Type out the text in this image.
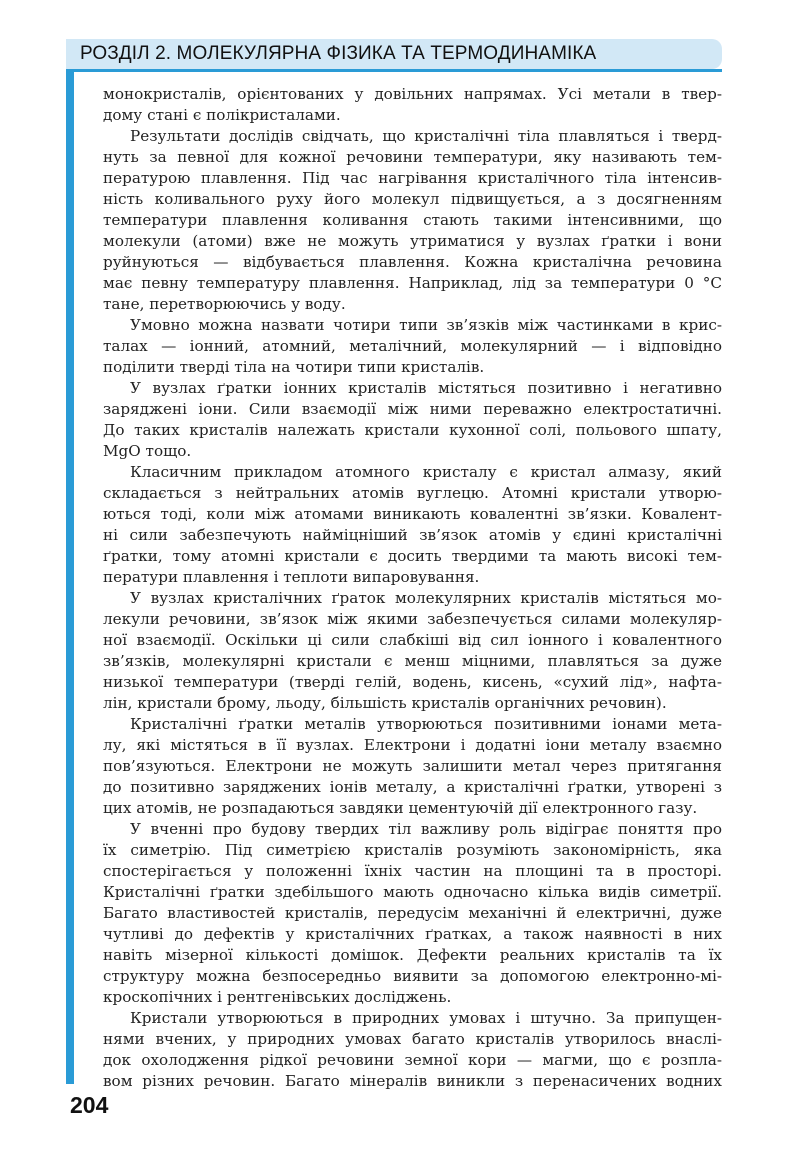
РОЗДІЛ 2. МОЛЕКУЛЯРНА ФІЗИКА ТА ТЕРМОДИНАМІКА
монокристалів, орієнтованих у довільних напрямах. Усі метали в твер-
дому стані є полікристалами.
Результати дослідів свідчать, що кристалічні тіла плавляться і тверд-
нуть за певної для кожної речовини температури, яку називають тем-
пературою плавлення. Під час нагрівання кристалічного тіла інтенсив-
ність коливального руху його молекул підвищується, а з досягненням
температури плавлення коливання стають такими інтенсивними, що
молекули (атоми) вже не можуть утриматися у вузлах ґратки і вони
руйнуються — відбувається плавлення. Кожна кристалічна речовина
має певну температуру плавлення. Наприклад, лід за температури 0 °C
тане, перетворюючись у воду.
Умовно можна назвати чотири типи зв’язків між частинками в крис-
талах — іонний, атомний, металічний, молекулярний — і відповідно
поділити тверді тіла на чотири типи кристалів.
У вузлах ґратки іонних кристалів містяться позитивно і негативно
заряджені іони. Сили взаємодії між ними переважно електростатичні.
До таких кристалів належать кристали кухонної солі, польового шпату,
MgO тощо.
Класичним прикладом атомного кристалу є кристал алмазу, який
складається з нейтральних атомів вуглецю. Атомні кристали утворю-
ються тоді, коли між атомами виникають ковалентні зв’язки. Ковалент-
ні сили забезпечують найміцніший зв’язок атомів у єдині кристалічні
ґратки, тому атомні кристали є досить твердими та мають високі тем-
ператури плавлення і теплоти випаровування.
У вузлах кристалічних ґраток молекулярних кристалів містяться мо-
лекули речовини, зв’язок між якими забезпечується силами молекуляр-
ної взаємодії. Оскільки ці сили слабкіші від сил іонного і ковалентного
зв’язків, молекулярні кристали є менш міцними, плавляться за дуже
низької температури (тверді гелій, водень, кисень, «сухий лід», нафта-
лін, кристали брому, льоду, більшість кристалів органічних речовин).
Кристалічні ґратки металів утворюються позитивними іонами мета-
лу, які містяться в її вузлах. Електрони і додатні іони металу взаємно
пов’язуються. Електрони не можуть залишити метал через притягання
до позитивно заряджених іонів металу, а кристалічні ґратки, утворені з
цих атомів, не розпадаються завдяки цементуючій дії електронного газу.
У вченні про будову твердих тіл важливу роль відіграє поняття про
їх симетрію. Під симетрією кристалів розуміють закономірність, яка
спостерігається у положенні їхніх частин на площині та в просторі.
Кристалічні ґратки здебільшого мають одночасно кілька видів симетрії.
Багато властивостей кристалів, передусім механічні й електричні, дуже
чутливі до дефектів у кристалічних ґратках, а також наявності в них
навіть мізерної кількості домішок. Дефекти реальних кристалів та їх
структуру можна безпосередньо виявити за допомогою електронно-мі-
кроскопічних і рентгенівських досліджень.
Кристали утворюються в природних умовах і штучно. За припущен-
нями вчених, у природних умовах багато кристалів утворилось внаслі-
док охолодження рідкої речовини земної кори — магми, що є розпла-
вом різних речовин. Багато мінералів виникли з перенасичених водних
204
